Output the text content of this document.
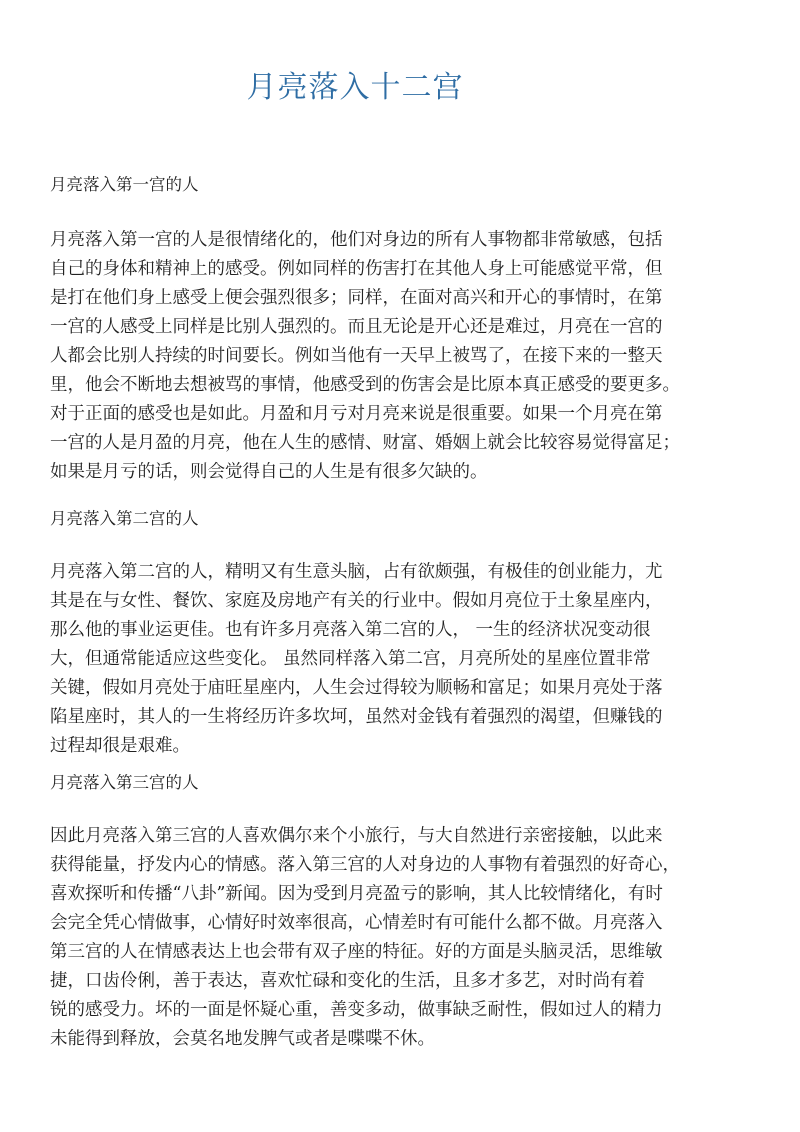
月亮落入十二宫

月亮落入第一宫的人

月亮落入第一宫的人是很情绪化的，他们对身边的所有人事物都非常敏感，包括
自己的身体和精神上的感受。例如同样的伤害打在其他人身上可能感觉平常，但
是打在他们身上感受上便会强烈很多；同样，在面对高兴和开心的事情时，在第
一宫的人感受上同样是比别人强烈的。而且无论是开心还是难过，月亮在一宫的
人都会比别人持续的时间要长。例如当他有一天早上被骂了，在接下来的一整天
里，他会不断地去想被骂的事情，他感受到的伤害会是比原本真正感受的要更多。
对于正面的感受也是如此。月盈和月亏对月亮来说是很重要。如果一个月亮在第
一宫的人是月盈的月亮，他在人生的感情、财富、婚姻上就会比较容易觉得富足；
如果是月亏的话，则会觉得自己的人生是有很多欠缺的。

月亮落入第二宫的人

月亮落入第二宫的人，精明又有生意头脑，占有欲颇强，有极佳的创业能力，尤
其是在与女性、餐饮、家庭及房地产有关的行业中。假如月亮位于土象星座内，
那么他的事业运更佳。也有许多月亮落入第二宫的人， 一生的经济状况变动很
大，但通常能适应这些变化。 虽然同样落入第二宫，月亮所处的星座位置非常
关键，假如月亮处于庙旺星座内，人生会过得较为顺畅和富足；如果月亮处于落
陷星座时，其人的一生将经历许多坎坷，虽然对金钱有着强烈的渴望，但赚钱的
过程却很是艰难。

月亮落入第三宫的人

因此月亮落入第三宫的人喜欢偶尔来个小旅行，与大自然进行亲密接触，以此来
获得能量，抒发内心的情感。落入第三宫的人对身边的人事物有着强烈的好奇心，
喜欢探听和传播“八卦”新闻。因为受到月亮盈亏的影响，其人比较情绪化，有时
会完全凭心情做事，心情好时效率很高，心情差时有可能什么都不做。月亮落入
第三宫的人在情感表达上也会带有双子座的特征。好的方面是头脑灵活，思维敏
捷，口齿伶俐，善于表达，喜欢忙碌和变化的生活，且多才多艺，对时尚有着
锐的感受力。坏的一面是怀疑心重，善变多动，做事缺乏耐性，假如过人的精力
未能得到释放，会莫名地发脾气或者是喋喋不休。
